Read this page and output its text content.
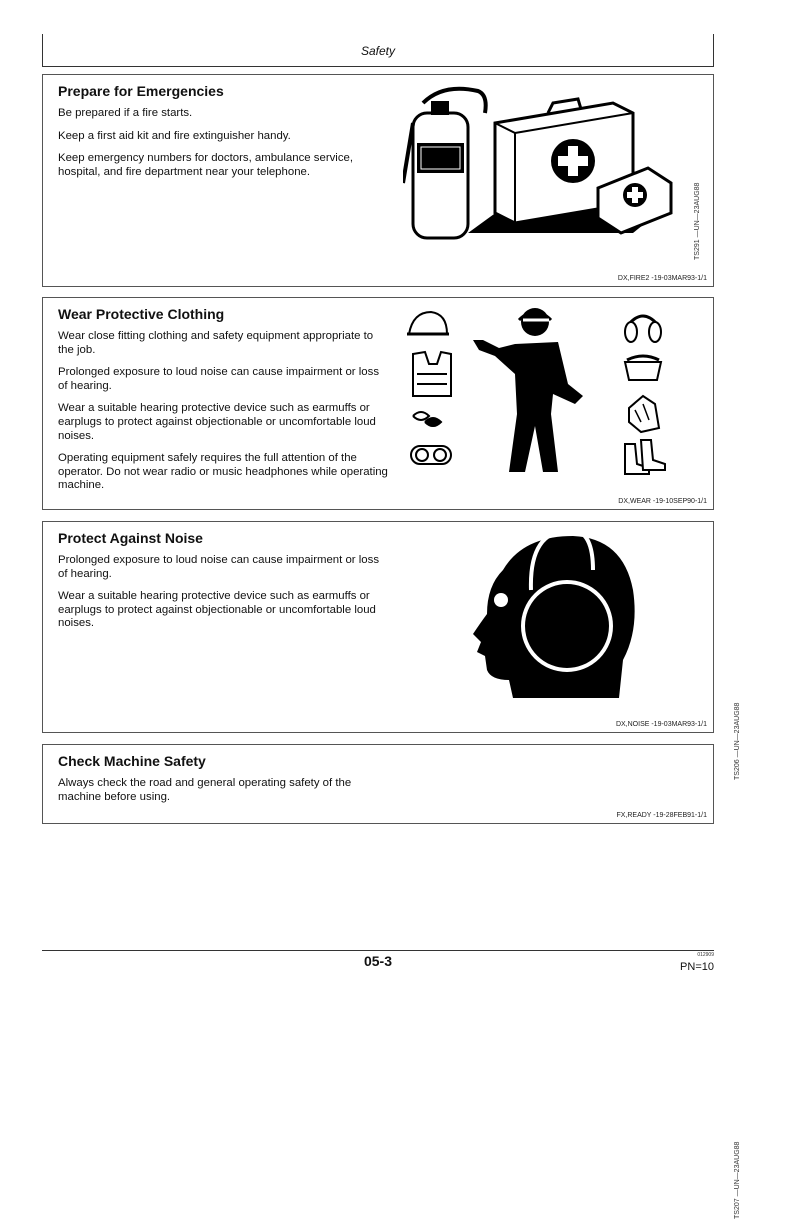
Safety
Prepare for Emergencies

Be prepared if a fire starts.

Keep a first aid kit and fire extinguisher handy.

Keep emergency numbers for doctors, ambulance service, hospital, and fire department near your telephone.

TS291 —UN—23AUG88
DX,FIRE2 -19-03MAR93-1/1
Wear Protective Clothing

Wear close fitting clothing and safety equipment appropriate to the job.

Prolonged exposure to loud noise can cause impairment or loss of hearing.

Wear a suitable hearing protective device such as earmuffs or earplugs to protect against objectionable or uncomfortable loud noises.

Operating equipment safely requires the full attention of the operator. Do not wear radio or music headphones while operating machine.

TS206 —UN—23AUG88
DX,WEAR -19-10SEP90-1/1
Protect Against Noise

Prolonged exposure to loud noise can cause impairment or loss of hearing.

Wear a suitable hearing protective device such as earmuffs or earplugs to protect against objectionable or uncomfortable loud noises.

TS207 —UN—23AUG88
DX,NOISE -19-03MAR93-1/1
Check Machine Safety

Always check the road and general operating safety of the machine before using.

FX,READY -19-28FEB91-1/1
05-3	012909
PN=10
